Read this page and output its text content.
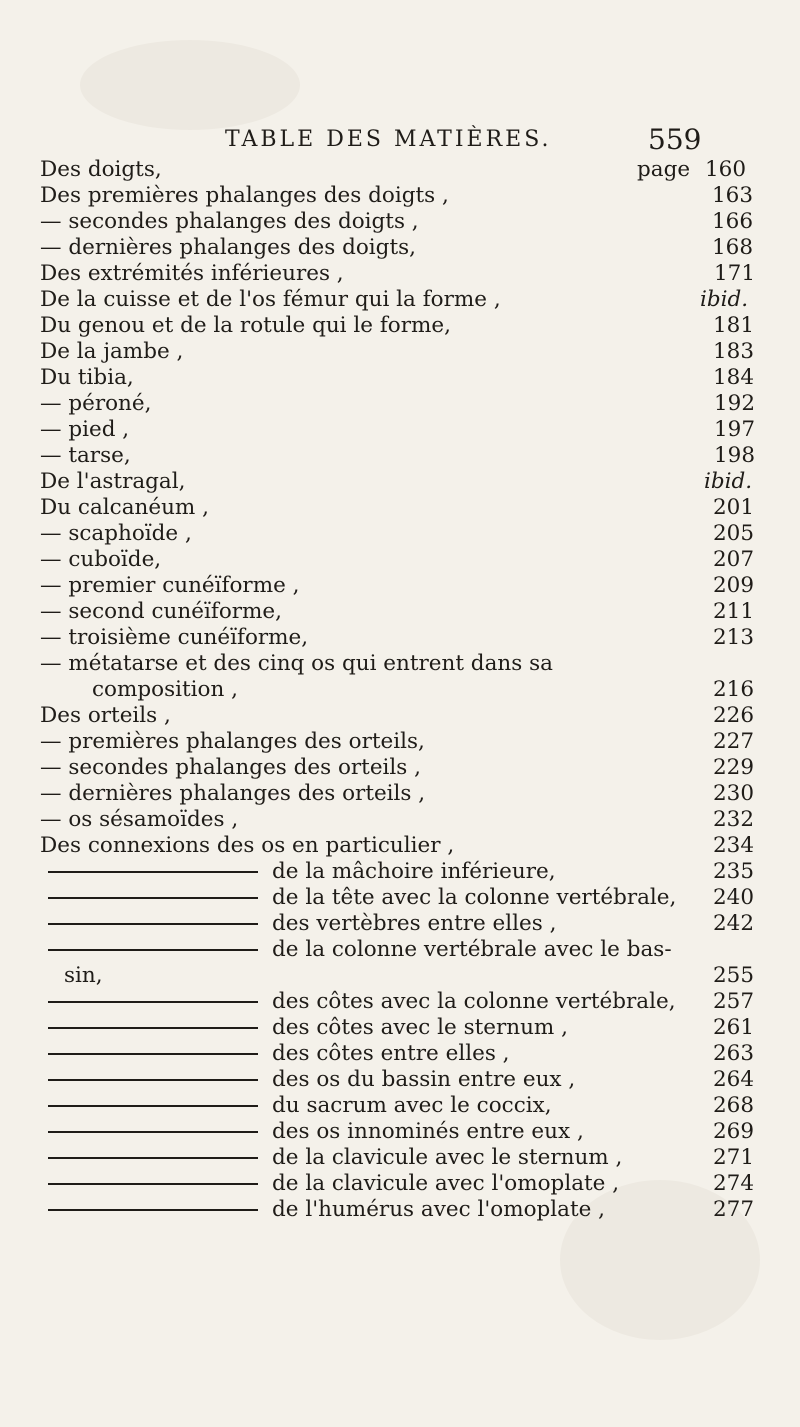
TABLE DES MATIÈRES.	559
Des doigts,	page 160
Des premières phalanges des doigts ,	163
— secondes phalanges des doigts ,	166
— dernières phalanges des doigts,	168
Des extrémités inférieures ,	171
De la cuisse et de l'os fémur qui la forme ,	ibid.
Du genou et de la rotule qui le forme,	181
De la jambe ,	183
Du tibia,	184
— péroné,	192
— pied ,	197
— tarse,	198
De l'astragal,	ibid.
Du calcanéum ,	201
— scaphoïde ,	205
— cuboïde,	207
— premier cunéïforme ,	209
— second cunéïforme,	211
— troisième cunéïforme,	213
— métatarse et des cinq os qui entrent dans sa
composition ,	216
Des orteils ,	226
— premières phalanges des orteils,	227
— secondes phalanges des orteils ,	229
— dernières phalanges des orteils ,	230
— os sésamoïdes ,	232
Des connexions des os en particulier ,	234
de la mâchoire inférieure,	235
de la tête avec la colonne vertébrale, 240
des vertèbres entre elles ,	242
de la colonne vertébrale avec le bas-
sin,	255
des côtes avec la colonne vertébrale, 257
des côtes avec le sternum ,	261
des côtes entre elles ,	263
des os du bassin entre eux ,	264
du sacrum avec le coccix,	268
des os innominés entre eux ,	269
de la clavicule avec le sternum ,	271
de la clavicule avec l'omoplate ,	274
de l'humérus avec l'omoplate ,	277
